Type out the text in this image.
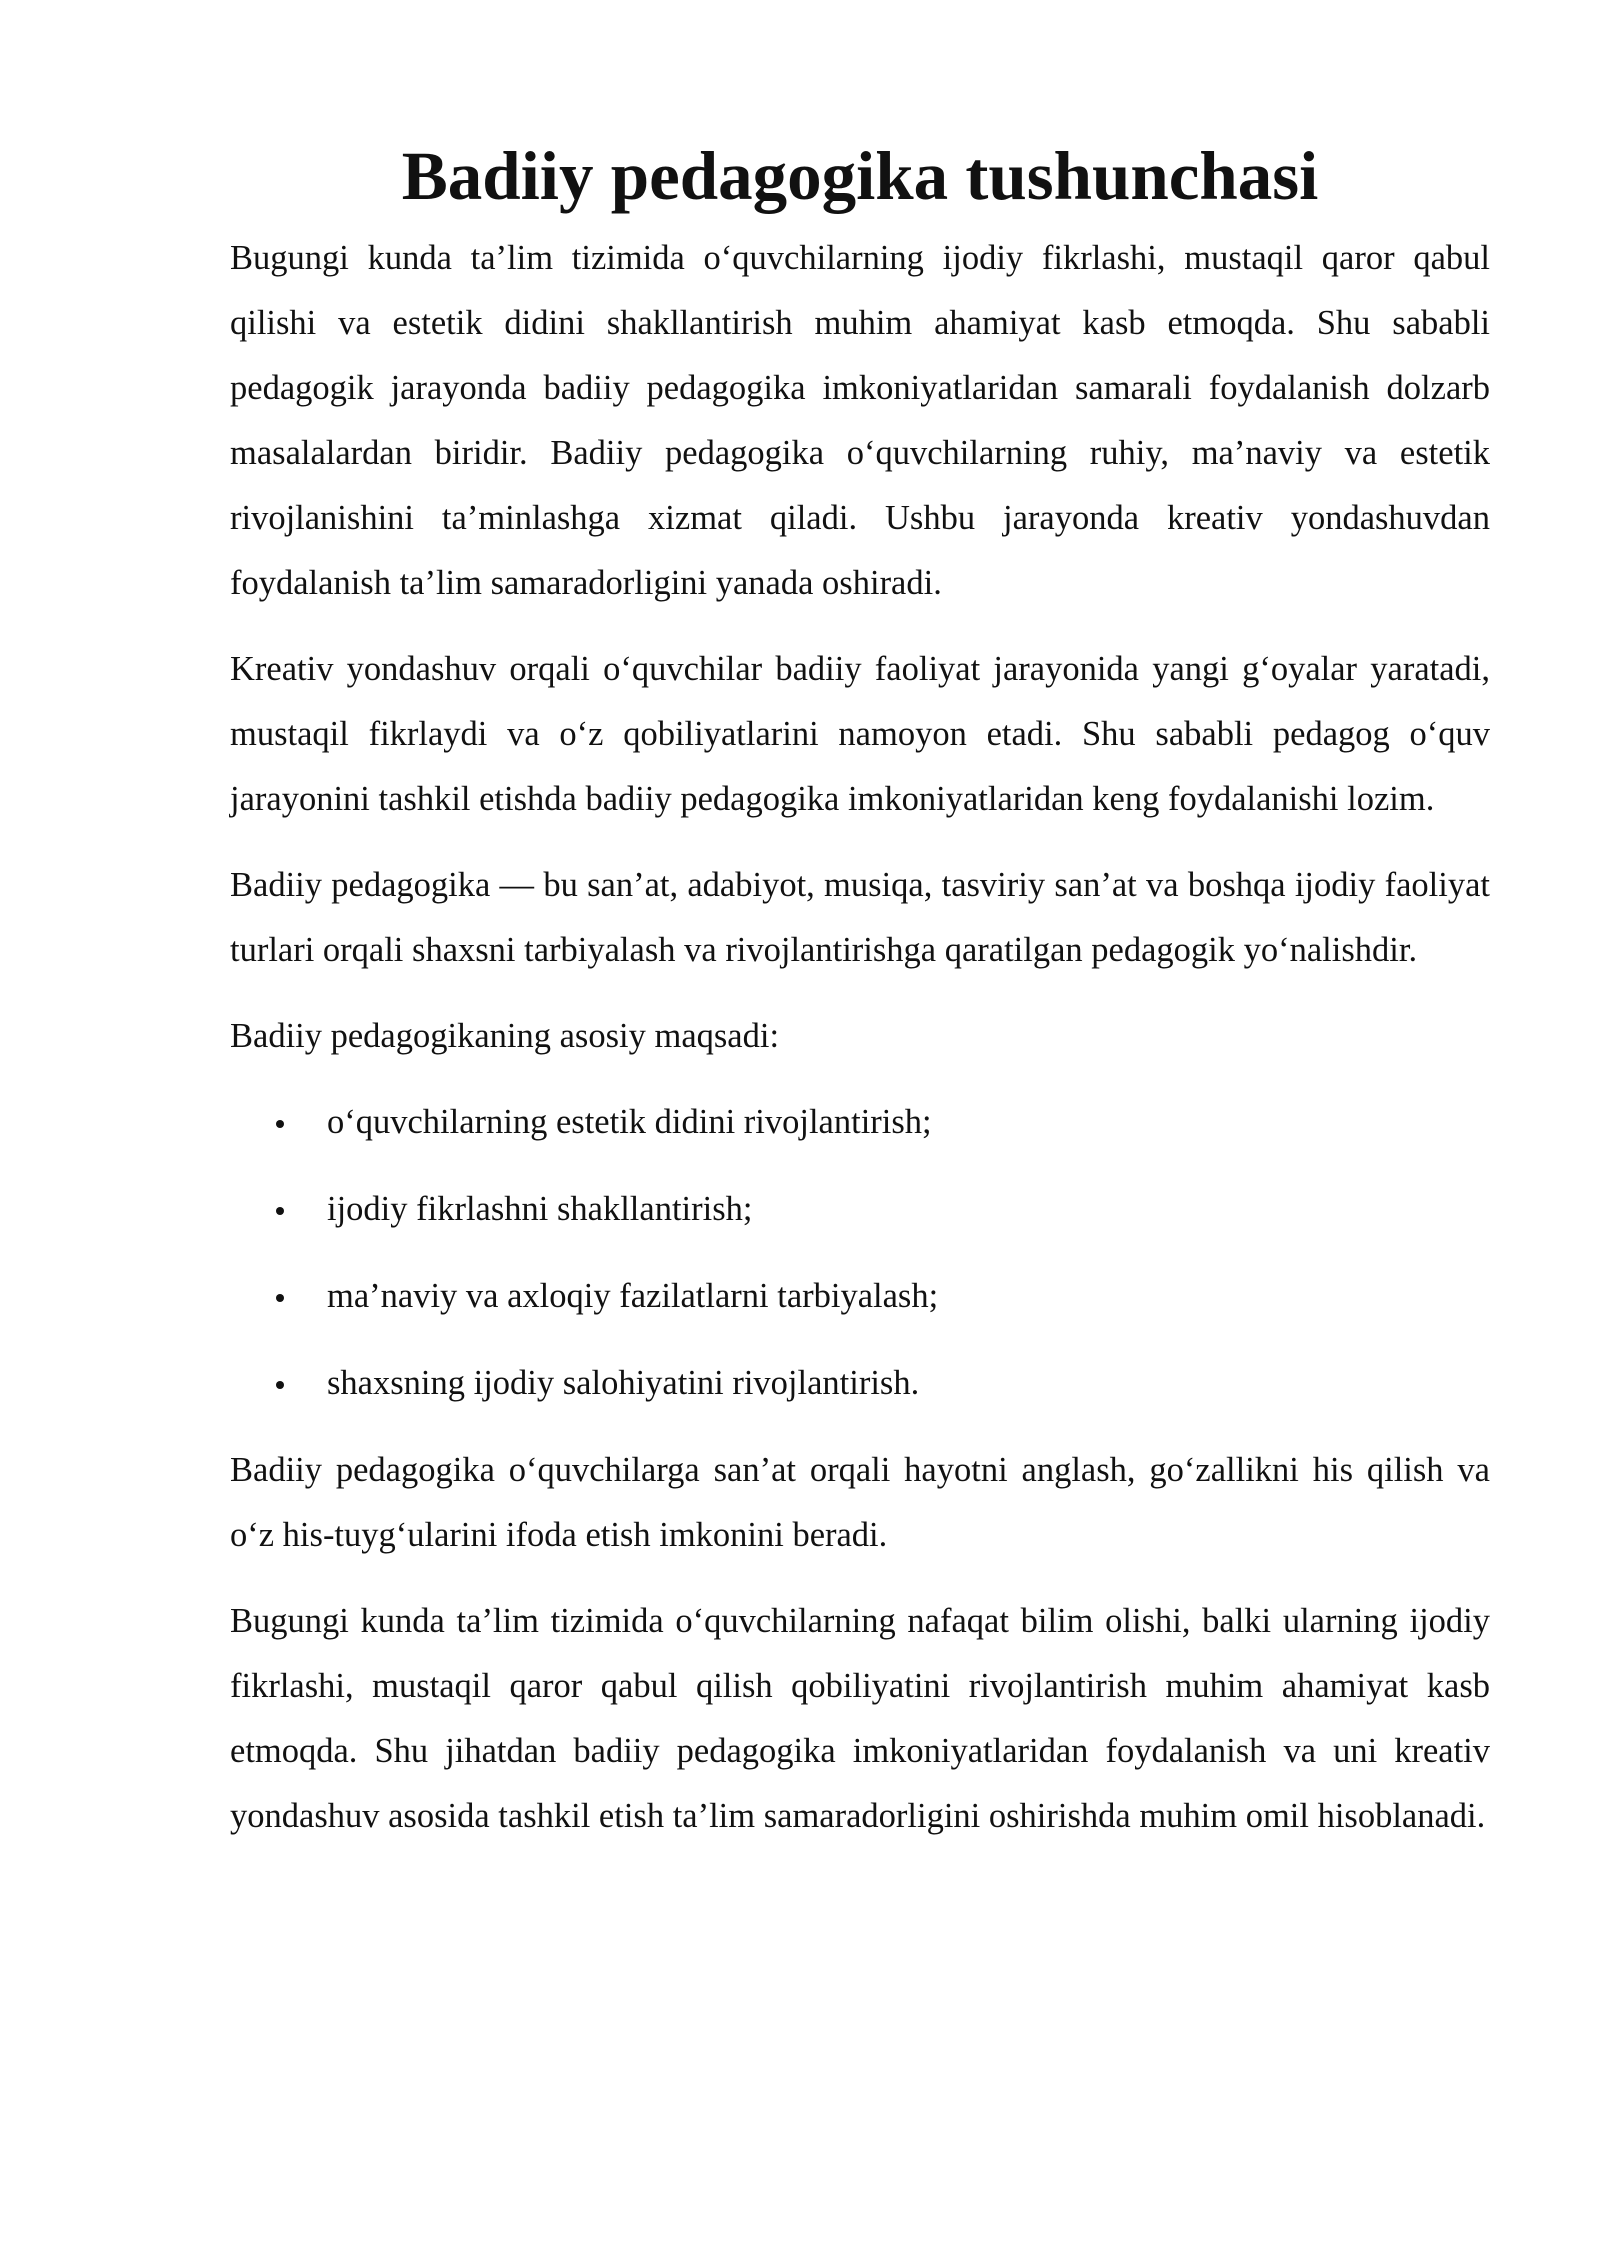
Badiiy pedagogika tushunchasi

Bugungi kunda ta’lim tizimida o‘quvchilarning ijodiy fikrlashi, mustaqil qaror qabul qilishi va estetik didini shakllantirish muhim ahamiyat kasb etmoqda. Shu sababli pedagogik jarayonda badiiy pedagogika imkoniyatlaridan samarali foydalanish dolzarb masalalardan biridir. Badiiy pedagogika o‘quvchilarning ruhiy, ma’naviy va estetik rivojlanishini ta’minlashga xizmat qiladi. Ushbu jarayonda kreativ yondashuvdan foydalanish ta’lim samaradorligini yanada oshiradi.

Kreativ yondashuv orqali o‘quvchilar badiiy faoliyat jarayonida yangi g‘oyalar yaratadi, mustaqil fikrlaydi va o‘z qobiliyatlarini namoyon etadi. Shu sababli pedagog o‘quv jarayonini tashkil etishda badiiy pedagogika imkoniyatlaridan keng foydalanishi lozim.

Badiiy pedagogika — bu san’at, adabiyot, musiqa, tasviriy san’at va boshqa ijodiy faoliyat turlari orqali shaxsni tarbiyalash va rivojlantirishga qaratilgan pedagogik yo‘nalishdir.

Badiiy pedagogikaning asosiy maqsadi:

o‘quvchilarning estetik didini rivojlantirish;
ijodiy fikrlashni shakllantirish;
ma’naviy va axloqiy fazilatlarni tarbiyalash;
shaxsning ijodiy salohiyatini rivojlantirish.

Badiiy pedagogika o‘quvchilarga san’at orqali hayotni anglash, go‘zallikni his qilish va o‘z his-tuyg‘ularini ifoda etish imkonini beradi.

Bugungi kunda ta’lim tizimida o‘quvchilarning nafaqat bilim olishi, balki ularning ijodiy fikrlashi, mustaqil qaror qabul qilish qobiliyatini rivojlantirish muhim ahamiyat kasb etmoqda. Shu jihatdan badiiy pedagogika imkoniyatlaridan foydalanish va uni kreativ yondashuv asosida tashkil etish ta’lim samaradorligini oshirishda muhim omil hisoblanadi.
